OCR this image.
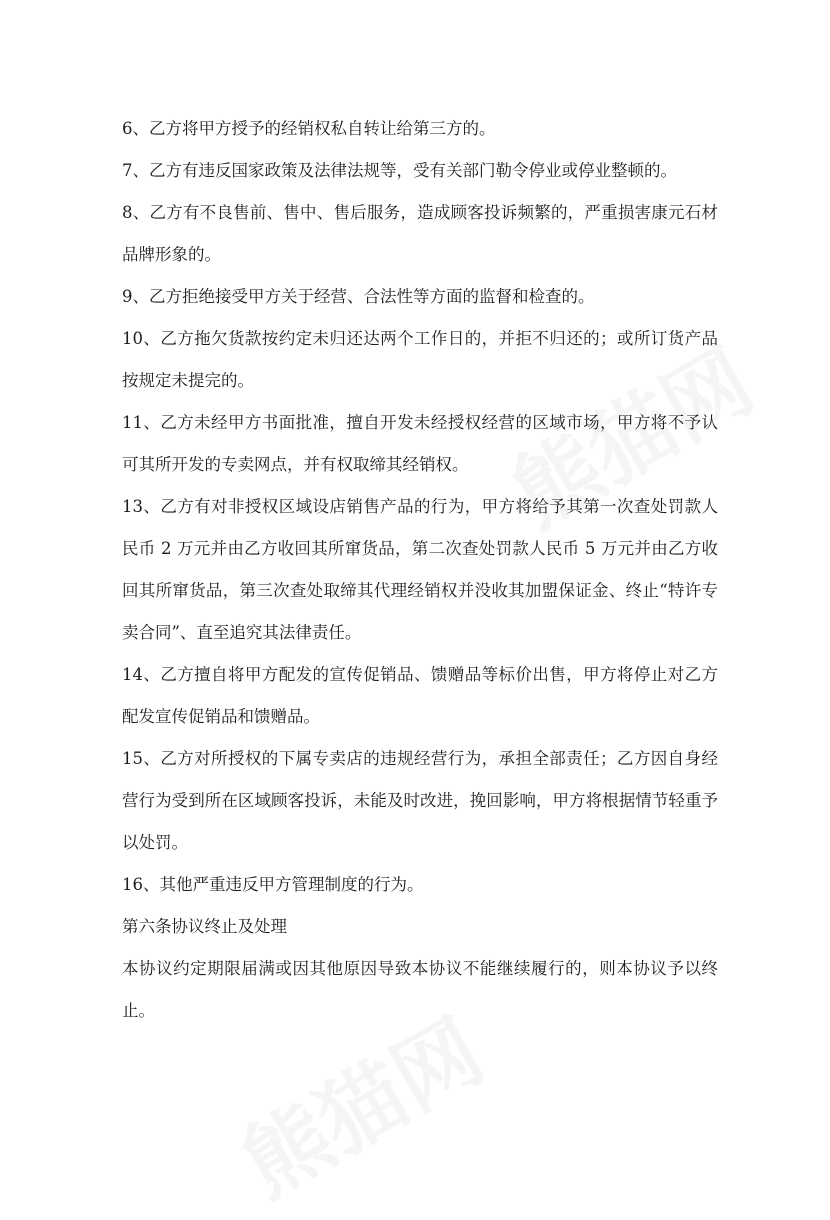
6、乙方将甲方授予的经销权私自转让给第三方的。

7、乙方有违反国家政策及法律法规等，受有关部门勒令停业或停业整顿的。

8、乙方有不良售前、售中、售后服务，造成顾客投诉频繁的，严重损害康元石材品牌形象的。

9、乙方拒绝接受甲方关于经营、合法性等方面的监督和检查的。

10、乙方拖欠货款按约定未归还达两个工作日的，并拒不归还的；或所订货产品按规定未提完的。

11、乙方未经甲方书面批准，擅自开发未经授权经营的区域市场，甲方将不予认可其所开发的专卖网点，并有权取缔其经销权。

13、乙方有对非授权区域设店销售产品的行为，甲方将给予其第一次查处罚款人民币 2 万元并由乙方收回其所窜货品，第二次查处罚款人民币 5 万元并由乙方收回其所窜货品，第三次查处取缔其代理经销权并没收其加盟保证金、终止“特许专卖合同”、直至追究其法律责任。

14、乙方擅自将甲方配发的宣传促销品、馈赠品等标价出售，甲方将停止对乙方配发宣传促销品和馈赠品。

15、乙方对所授权的下属专卖店的违规经营行为，承担全部责任；乙方因自身经营行为受到所在区域顾客投诉，未能及时改进，挽回影响，甲方将根据情节轻重予以处罚。

16、其他严重违反甲方管理制度的行为。

第六条协议终止及处理

本协议约定期限届满或因其他原因导致本协议不能继续履行的，则本协议予以终止。
